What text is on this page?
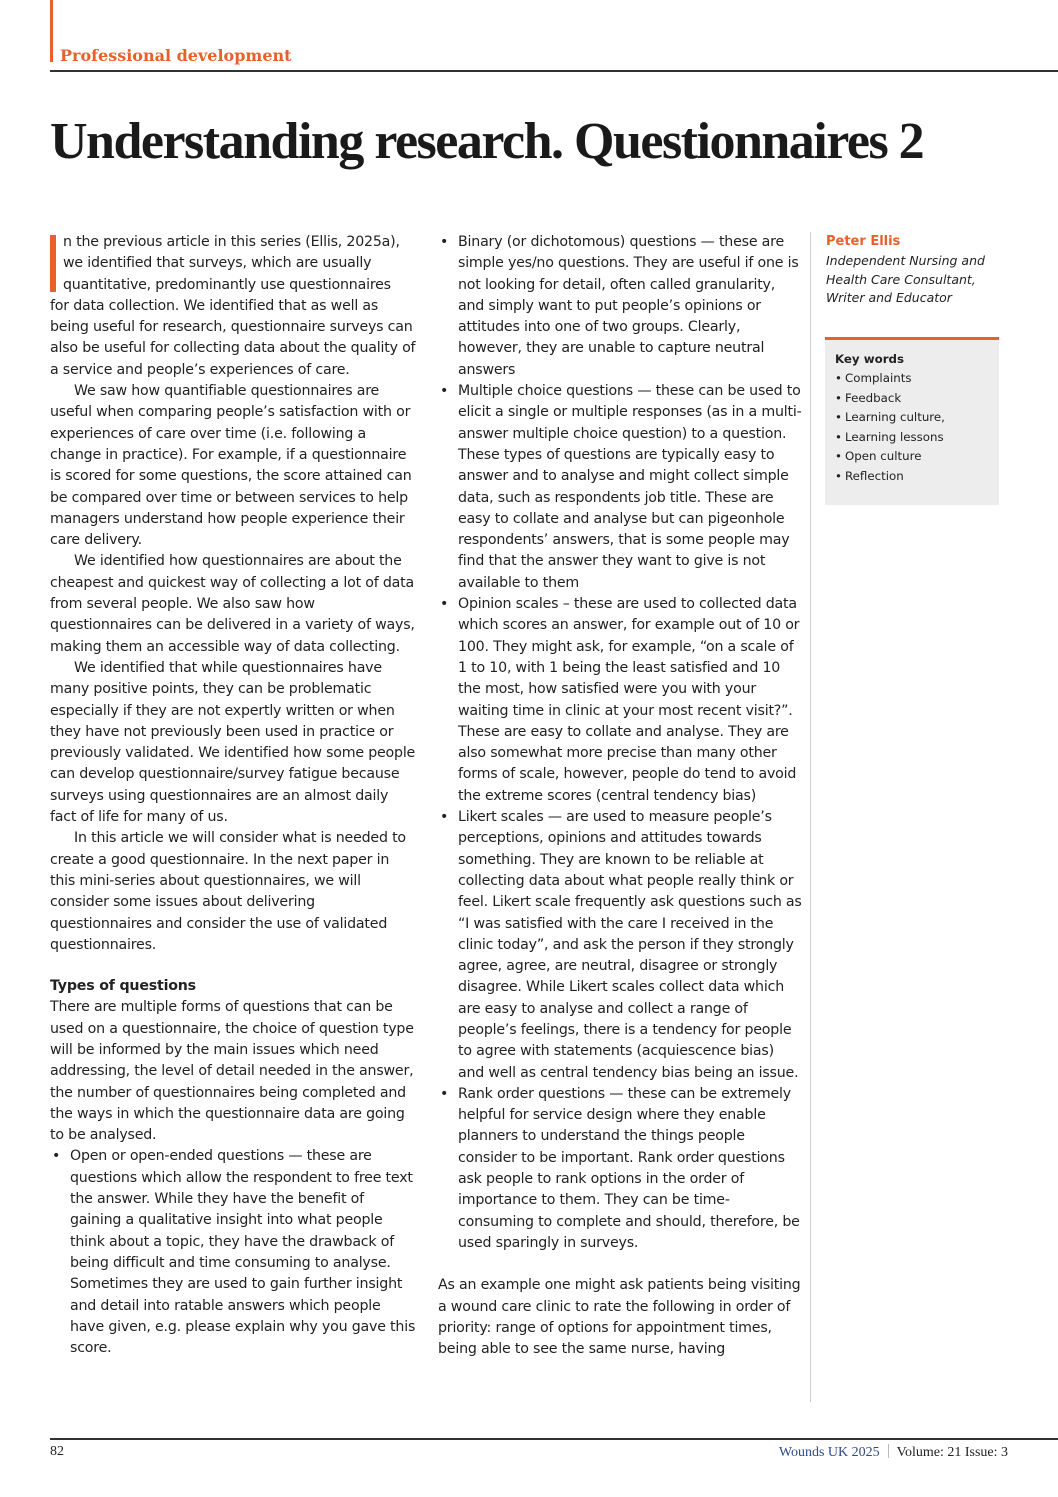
Professional development
Understanding research. Questionnaires 2
n the previous article in this series (Ellis, 2025a),
we identified that surveys, which are usually
quantitative, predominantly use questionnaires
for data collection. We identified that as well as being useful for research, questionnaire surveys can also be useful for collecting data about the quality of a service and people’s experiences of care.

We saw how quantifiable questionnaires are useful when comparing people’s satisfaction with or experiences of care over time (i.e. following a change in practice). For example, if a questionnaire is scored for some questions, the score attained can be compared over time or between services to help managers understand how people experience their care delivery.

We identified how questionnaires are about the cheapest and quickest way of collecting a lot of data from several people. We also saw how questionnaires can be delivered in a variety of ways, making them an accessible way of data collecting.

We identified that while questionnaires have many positive points, they can be problematic especially if they are not expertly written or when they have not previously been used in practice or previously validated. We identified how some people can develop questionnaire/survey fatigue because surveys using questionnaires are an almost daily fact of life for many of us.

In this article we will consider what is needed to create a good questionnaire. In the next paper in this mini-series about questionnaires, we will consider some issues about delivering questionnaires and consider the use of validated questionnaires.

Types of questions

There are multiple forms of questions that can be used on a questionnaire, the choice of question type will be informed by the main issues which need addressing, the level of detail needed in the answer, the number of questionnaires being completed and the ways in which the questionnaire data are going to be analysed.

• Open or open-ended questions — these are questions which allow the respondent to free text the answer. While they have the benefit of gaining a qualitative insight into what people think about a topic, they have the drawback of being difficult and time consuming to analyse. Sometimes they are used to gain further insight and detail into ratable answers which people have given, e.g. please explain why you gave this score.
• Binary (or dichotomous) questions — these are simple yes/no questions. They are useful if one is not looking for detail, often called granularity, and simply want to put people’s opinions or attitudes into one of two groups. Clearly, however, they are unable to capture neutral answers
• Multiple choice questions — these can be used to elicit a single or multiple responses (as in a multi-answer multiple choice question) to a question. These types of questions are typically easy to answer and to analyse and might collect simple data, such as respondents job title. These are easy to collate and analyse but can pigeonhole respondents’ answers, that is some people may find that the answer they want to give is not available to them
• Opinion scales – these are used to collected data which scores an answer, for example out of 10 or 100. They might ask, for example, “on a scale of 1 to 10, with 1 being the least satisfied and 10 the most, how satisfied were you with your waiting time in clinic at your most recent visit?”. These are easy to collate and analyse. They are also somewhat more precise than many other forms of scale, however, people do tend to avoid the extreme scores (central tendency bias)
• Likert scales — are used to measure people’s perceptions, opinions and attitudes towards something. They are known to be reliable at collecting data about what people really think or feel. Likert scale frequently ask questions such as “I was satisfied with the care I received in the clinic today”, and ask the person if they strongly agree, agree, are neutral, disagree or strongly disagree. While Likert scales collect data which are easy to analyse and collect a range of people’s feelings, there is a tendency for people to agree with statements (acquiescence bias) and well as central tendency bias being an issue.
• Rank order questions — these can be extremely helpful for service design where they enable planners to understand the things people consider to be important. Rank order questions ask people to rank options in the order of importance to them. They can be time-consuming to complete and should, therefore, be used sparingly in surveys.

As an example one might ask patients being visiting a wound care clinic to rate the following in order of priority: range of options for appointment times, being able to see the same nurse, having

Peter Ellis
Independent Nursing and Health Care Consultant, Writer and Educator
Key words
• Complaints
• Feedback
• Learning culture,
• Learning lessons
• Open culture
• Reflection
82	Wounds UK 2025 Volume: 21 Issue: 3
